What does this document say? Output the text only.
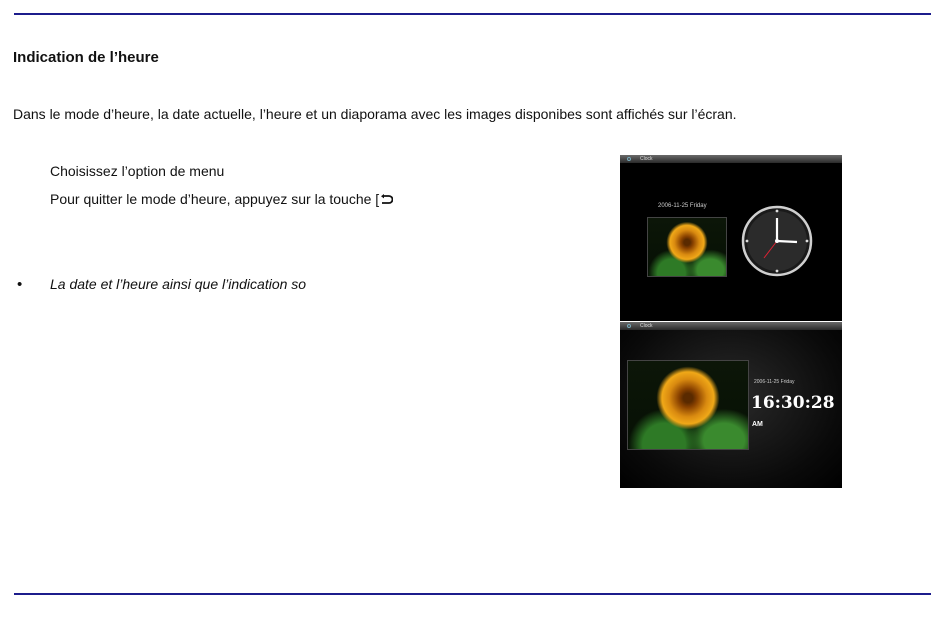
Indication de l’heure
Dans le mode d’heure, la date actuelle, l’heure et un diaporama avec les images disponibes sont affichés sur l’écran.
Choisissez l’option de menu
Pour quitter le mode d’heure, appuyez sur la touche [
• La date et l’heure ainsi que l’indication so
Clock
2006-11-25 Friday
Clock
2006-11-25 Friday
16:30:28
AM
